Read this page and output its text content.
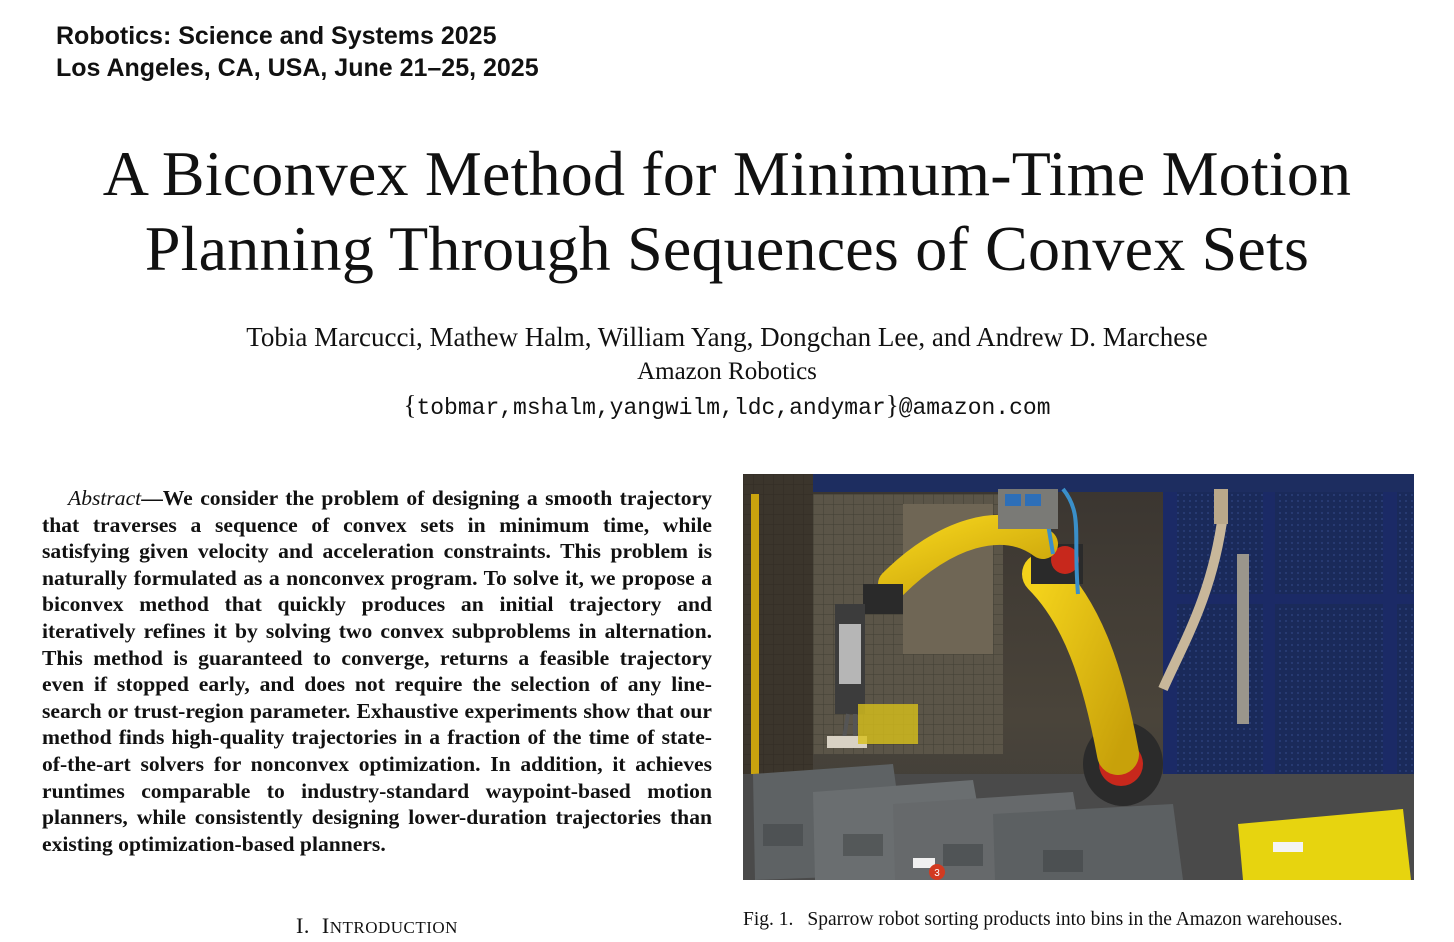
Robotics: Science and Systems 2025
Los Angeles, CA, USA, June 21–25, 2025
A Biconvex Method for Minimum-Time Motion
Planning Through Sequences of Convex Sets
Tobia Marcucci, Mathew Halm, William Yang, Dongchan Lee, and Andrew D. Marchese
Amazon Robotics
{tobmar,mshalm,yangwilm,ldc,andymar}@amazon.com

Abstract—We consider the problem of designing a smooth trajectory that traverses a sequence of convex sets in minimum time, while satisfying given velocity and acceleration constraints. This problem is naturally formulated as a nonconvex program. To solve it, we propose a biconvex method that quickly produces an initial trajectory and iteratively refines it by solving two convex subproblems in alternation. This method is guaranteed to converge, returns a feasible trajectory even if stopped early, and does not require the selection of any line-search or trust-region parameter. Exhaustive experiments show that our method finds high-quality trajectories in a fraction of the time of state-of-the-art solvers for nonconvex optimization. In addition, it achieves runtimes comparable to industry-standard waypoint-based motion planners, while consistently designing lower-duration trajectories than existing optimization-based planners.

I. INTRODUCTION
3
Fig. 1. Sparrow robot sorting products into bins in the Amazon warehouses.
